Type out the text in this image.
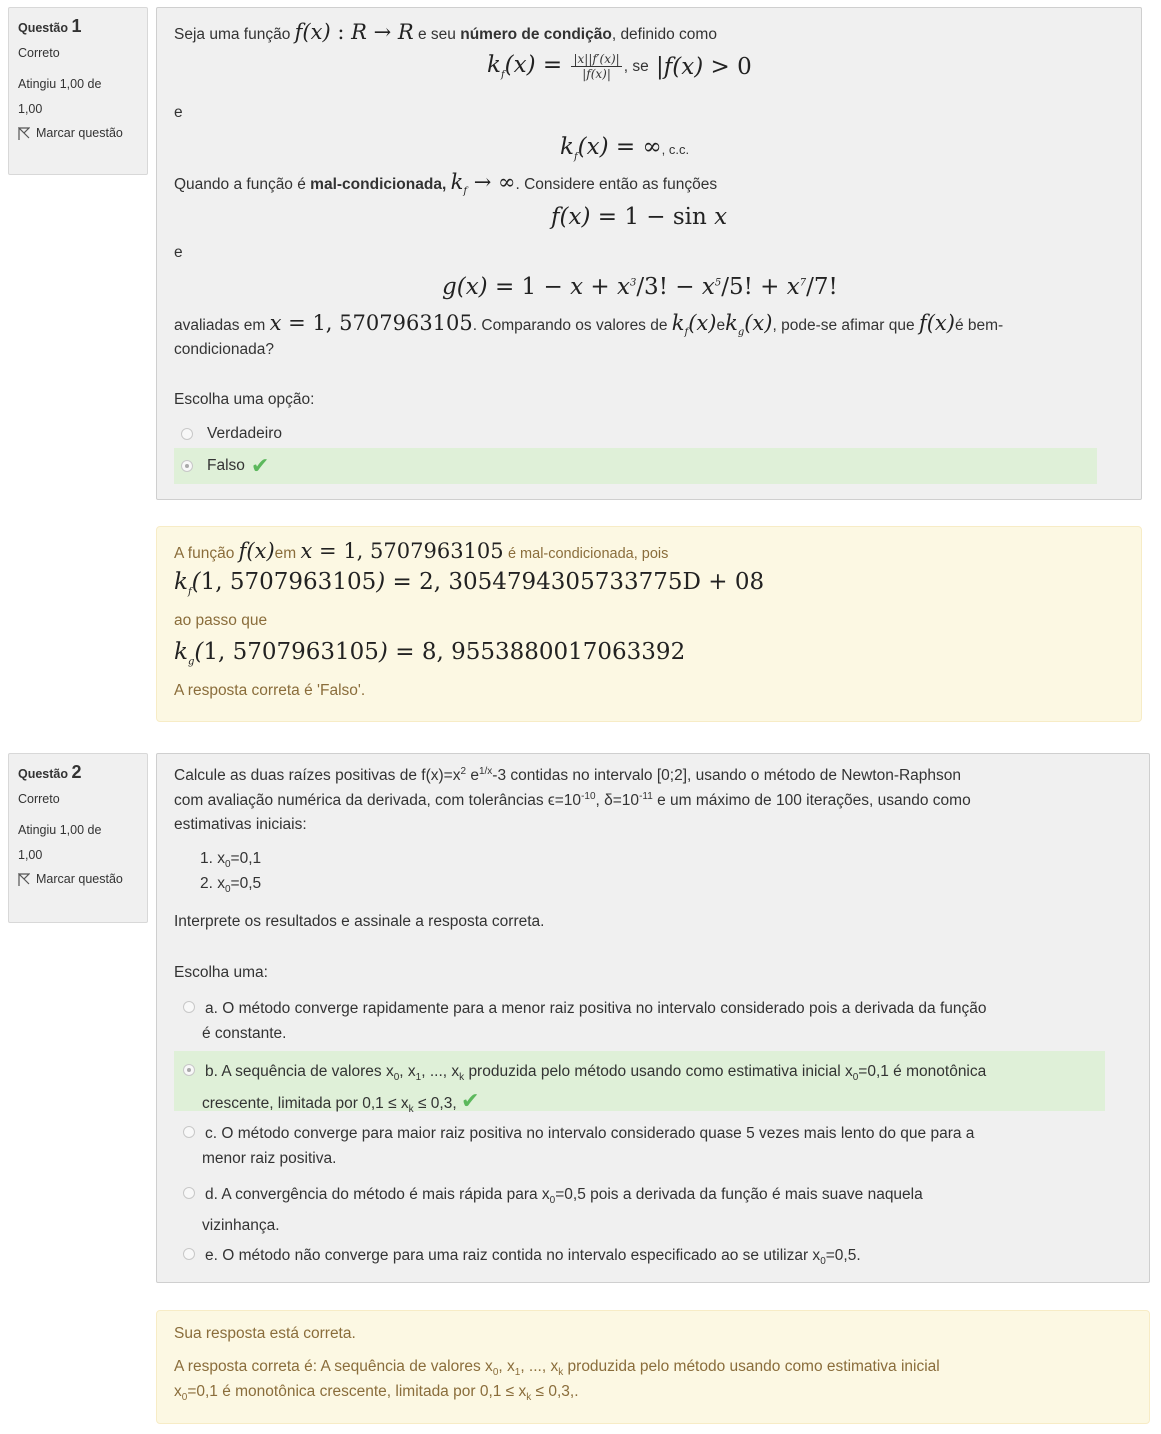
Questão 1
Correto
Atingiu 1,00 de
1,00
Marcar questão
Seja uma função f(x) : R → R e seu número de condição, definido como
$k_f(x) = \frac{|x||f'(x)|}{|f(x)|}$ , se |f(x) > 0
e
$k_f(x)$ = ∞, c.c.
Quando a função é mal-condicionada, $k_f$ → ∞. Considere então as funções
f(x) = 1 − sin x
e
$g(x) = 1 - x + x^3/3$! − $x^5/5$! + $x^7/7$!
avaliadas em x = 1, 5707963105. Comparando os valores de $k_f(x)ek_g(x)$, pode-se afimar que f(x)é bem-
condicionada?
Escolha uma opção:
Verdadeiro
Falso ✔
A função f(x)em x = 1, 5707963105 é mal-condicionada, pois
$k_f(1$, 5707963105) = 2, 3054794305733775D + 08
ao passo que
$k_g(1$, 5707963105) = 8, 9553880017063392
A resposta correta é 'Falso'.
Questão 2
Correto
Atingiu 1,00 de
1,00
Marcar questão
Calcule as duas raízes positivas de $f(x)=x^2$ $e^{1/x}-3$ contidas no intervalo [0;2], usando o método de Newton-Raphson
com avaliação numérica da derivada, com tolerâncias $\epsilon=10^{-10}$, $\delta=10^{-11}$ e um máximo de 100 iterações, usando como
estimativas iniciais:
1. $x_0=0,1$
2. $x_0=0,5$
Interprete os resultados e assinale a resposta correta.
Escolha uma:
a. O método converge rapidamente para a menor raiz positiva no intervalo considerado pois a derivada da função
é constante.
b. A sequência de valores $x_0$, $x_1$, ..., $x_k$ produzida pelo método usando como estimativa inicial $x_0=0,1$ é monotônica
crescente, limitada por $0,1 \le x_k \le 0,3$, ✔
c. O método converge para maior raiz positiva no intervalo considerado quase 5 vezes mais lento do que para a
menor raiz positiva.
d. A convergência do método é mais rápida para $x_0=0,5$ pois a derivada da função é mais suave naquela
vizinhança.
e. O método não converge para uma raiz contida no intervalo especificado ao se utilizar $x_0=0,5$.
Sua resposta está correta.
A resposta correta é: A sequência de valores $x_0$, $x_1$, ..., $x_k$ produzida pelo método usando como estimativa inicial
$x_0=0,1$ é monotônica crescente, limitada por $0,1 \le x_k \le 0,3$,.
